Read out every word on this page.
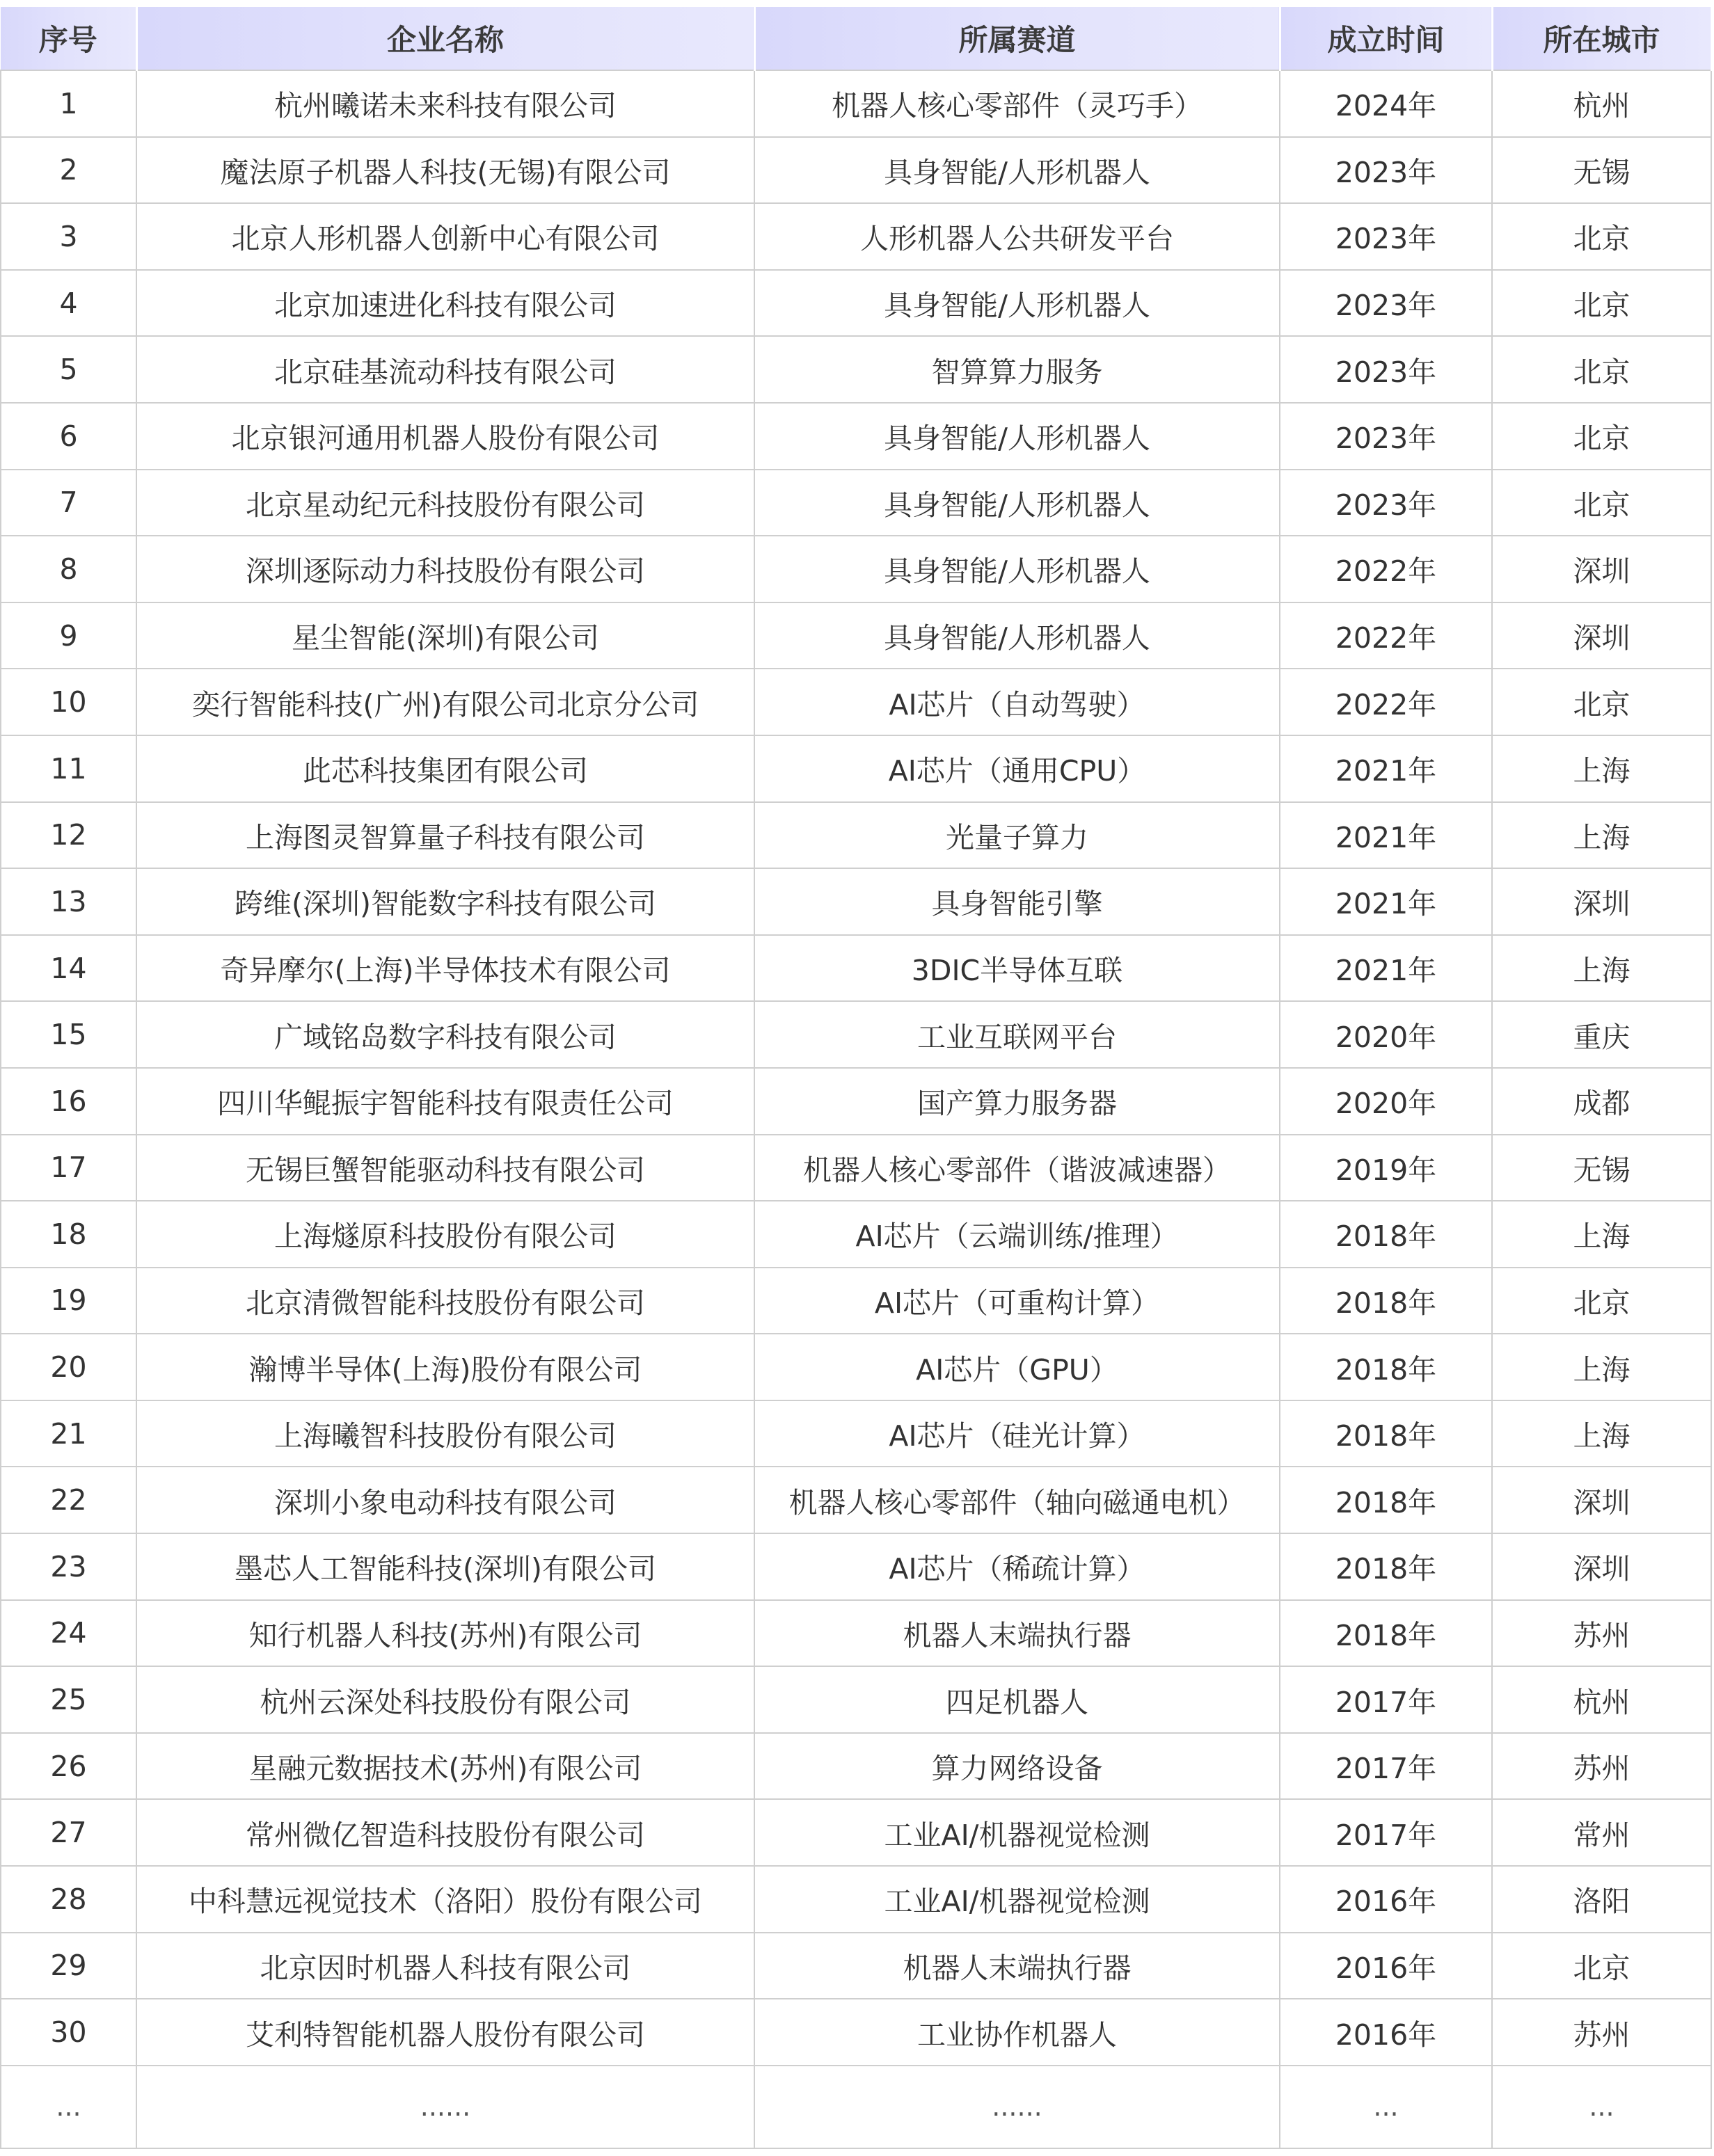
序号	企业名称	所属赛道	成立时间	所在城市
1	杭州曦诺未来科技有限公司	机器人核心零部件（灵巧手）	2024年	杭州
2	魔法原子机器人科技(无锡)有限公司	具身智能/人形机器人	2023年	无锡
3	北京人形机器人创新中心有限公司	人形机器人公共研发平台	2023年	北京
4	北京加速进化科技有限公司	具身智能/人形机器人	2023年	北京
5	北京硅基流动科技有限公司	智算算力服务	2023年	北京
6	北京银河通用机器人股份有限公司	具身智能/人形机器人	2023年	北京
7	北京星动纪元科技股份有限公司	具身智能/人形机器人	2023年	北京
8	深圳逐际动力科技股份有限公司	具身智能/人形机器人	2022年	深圳
9	星尘智能(深圳)有限公司	具身智能/人形机器人	2022年	深圳
10	奕行智能科技(广州)有限公司北京分公司	AI芯片（自动驾驶）	2022年	北京
11	此芯科技集团有限公司	AI芯片（通用CPU）	2021年	上海
12	上海图灵智算量子科技有限公司	光量子算力	2021年	上海
13	跨维(深圳)智能数字科技有限公司	具身智能引擎	2021年	深圳
14	奇异摩尔(上海)半导体技术有限公司	3DIC半导体互联	2021年	上海
15	广域铭岛数字科技有限公司	工业互联网平台	2020年	重庆
16	四川华鲲振宇智能科技有限责任公司	国产算力服务器	2020年	成都
17	无锡巨蟹智能驱动科技有限公司	机器人核心零部件（谐波减速器）	2019年	无锡
18	上海燧原科技股份有限公司	AI芯片（云端训练/推理）	2018年	上海
19	北京清微智能科技股份有限公司	AI芯片（可重构计算）	2018年	北京
20	瀚博半导体(上海)股份有限公司	AI芯片（GPU）	2018年	上海
21	上海曦智科技股份有限公司	AI芯片（硅光计算）	2018年	上海
22	深圳小象电动科技有限公司	机器人核心零部件（轴向磁通电机）	2018年	深圳
23	墨芯人工智能科技(深圳)有限公司	AI芯片（稀疏计算）	2018年	深圳
24	知行机器人科技(苏州)有限公司	机器人末端执行器	2018年	苏州
25	杭州云深处科技股份有限公司	四足机器人	2017年	杭州
26	星融元数据技术(苏州)有限公司	算力网络设备	2017年	苏州
27	常州微亿智造科技股份有限公司	工业AI/机器视觉检测	2017年	常州
28	中科慧远视觉技术（洛阳）股份有限公司	工业AI/机器视觉检测	2016年	洛阳
29	北京因时机器人科技有限公司	机器人末端执行器	2016年	北京
30	艾利特智能机器人股份有限公司	工业协作机器人	2016年	苏州
...	......	......	...	...
